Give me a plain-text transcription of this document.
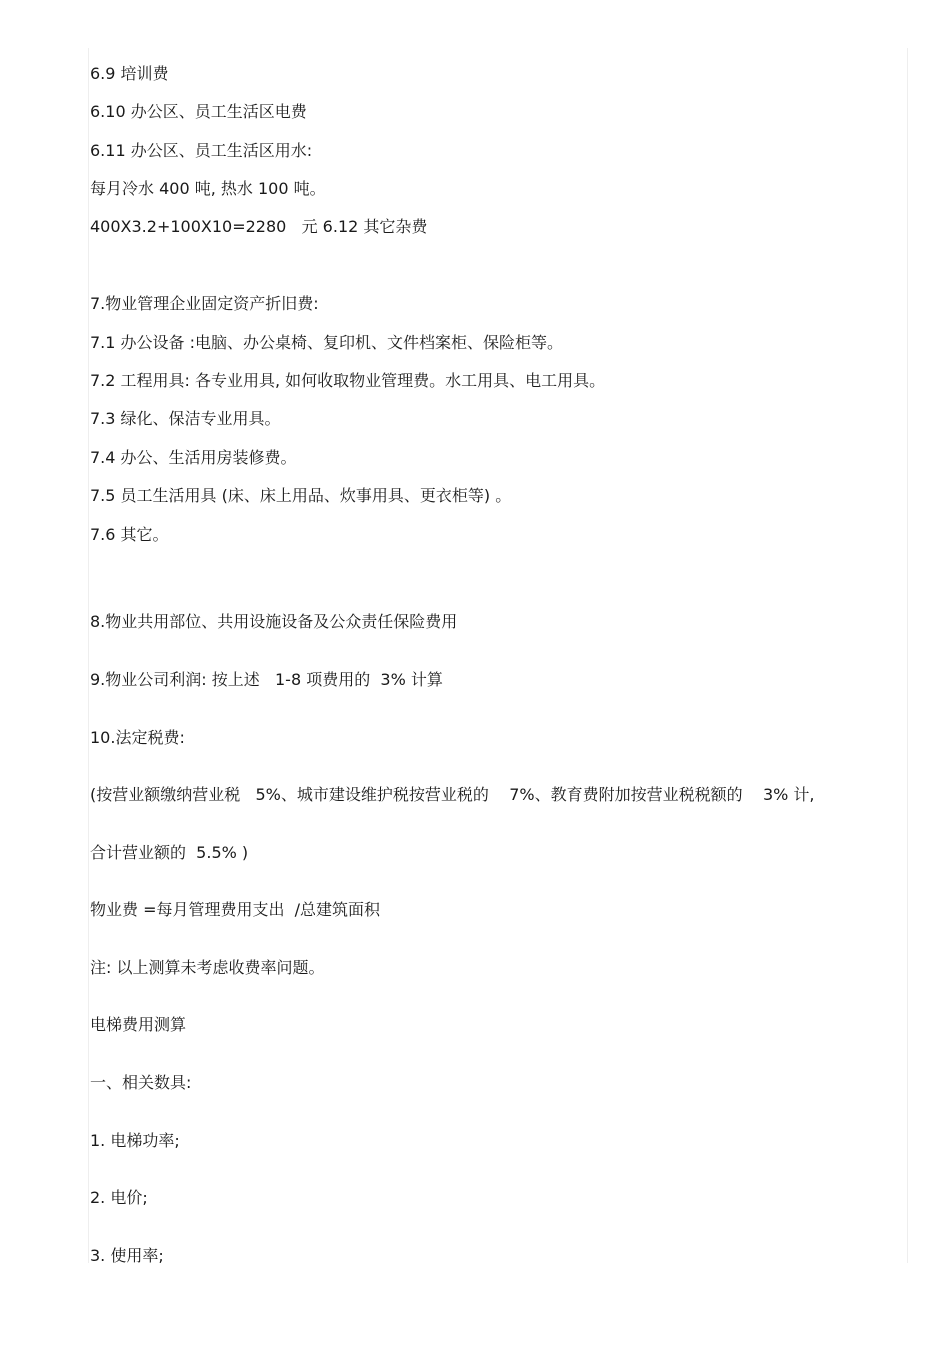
6.9 培训费

6.10 办公区、员工生活区电费

6.11 办公区、员工生活区用水:

每月冷水 400 吨, 热水 100 吨。

400X3.2+100X10=2280   元 6.12 其它杂费

7.物业管理企业固定资产折旧费:

7.1 办公设备 :电脑、办公桌椅、复印机、文件档案柜、保险柜等。

7.2 工程用具: 各专业用具, 如何收取物业管理费。水工用具、电工用具。

7.3 绿化、保洁专业用具。

7.4 办公、生活用房装修费。

7.5 员工生活用具 (床、床上用品、炊事用具、更衣柜等) 。

7.6 其它。

8.物业共用部位、共用设施设备及公众责任保险费用

9.物业公司利润: 按上述   1-8 项费用的  3% 计算

10.法定税费:

(按营业额缴纳营业税   5%、城市建设维护税按营业税的    7%、教育费附加按营业税税额的    3% 计,

合计营业额的  5.5% )

物业费 =每月管理费用支出  /总建筑面积

注: 以上测算未考虑收费率问题。

电梯费用测算

一、相关数具:

1. 电梯功率;

2. 电价;

3. 使用率;
